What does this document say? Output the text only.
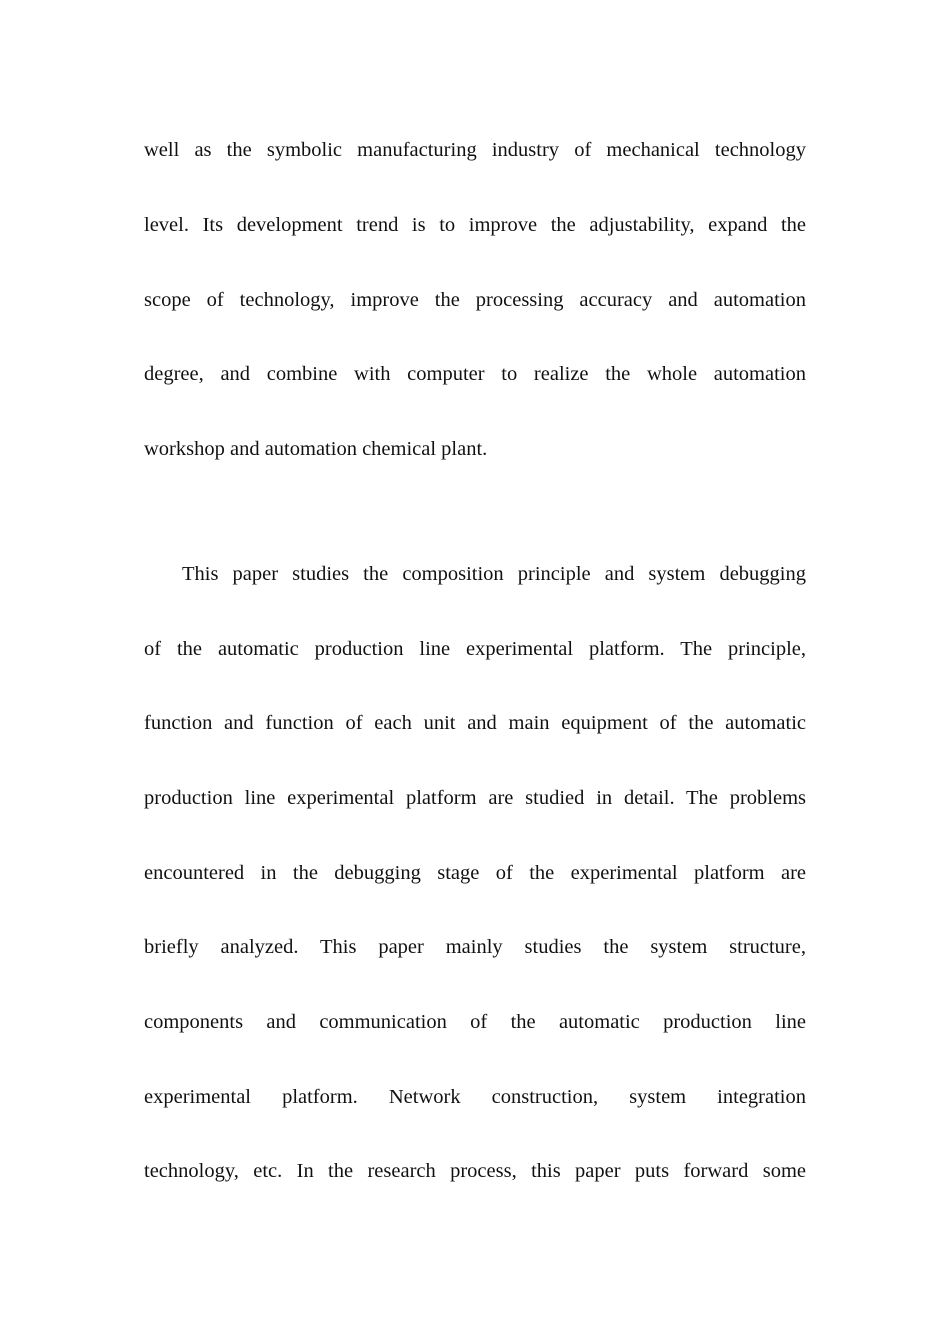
well as the symbolic manufacturing industry of mechanical technology
level. Its development trend is to improve the adjustability, expand the
scope of technology, improve the processing accuracy and automation
degree, and combine with computer to realize the whole automation
workshop and automation chemical plant.
This paper studies the composition principle and system debugging
of the automatic production line experimental platform. The principle,
function and function of each unit and main equipment of the automatic
production line experimental platform are studied in detail. The problems
encountered in the debugging stage of the experimental platform are
briefly analyzed. This paper mainly studies the system structure,
components and communication of the automatic production line
experimental platform. Network construction, system integration
technology, etc. In the research process, this paper puts forward some
